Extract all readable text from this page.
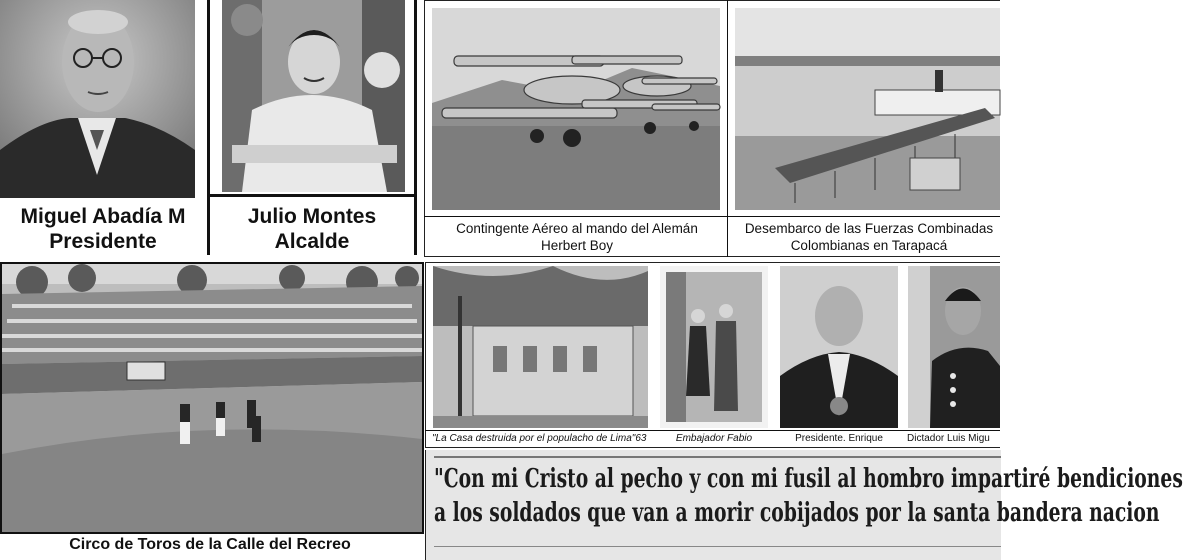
Miguel Abadía M
Presidente
Julio Montes
Alcalde
Contingente Aéreo al mando del Alemán Herbert Boy
Desembarco de las Fuerzas Combinadas Colombianas en Tarapacá
Circo de Toros de la Calle del Recreo
"La Casa destruida por el populacho de Lima"63	Embajador Fabio	Presidente. Enrique	Dictador Luis Migu
"Con mi Cristo al pecho y con mi fusil al hombro impartiré bendiciones
a los soldados que van a morir cobijados por la santa bandera nacion
